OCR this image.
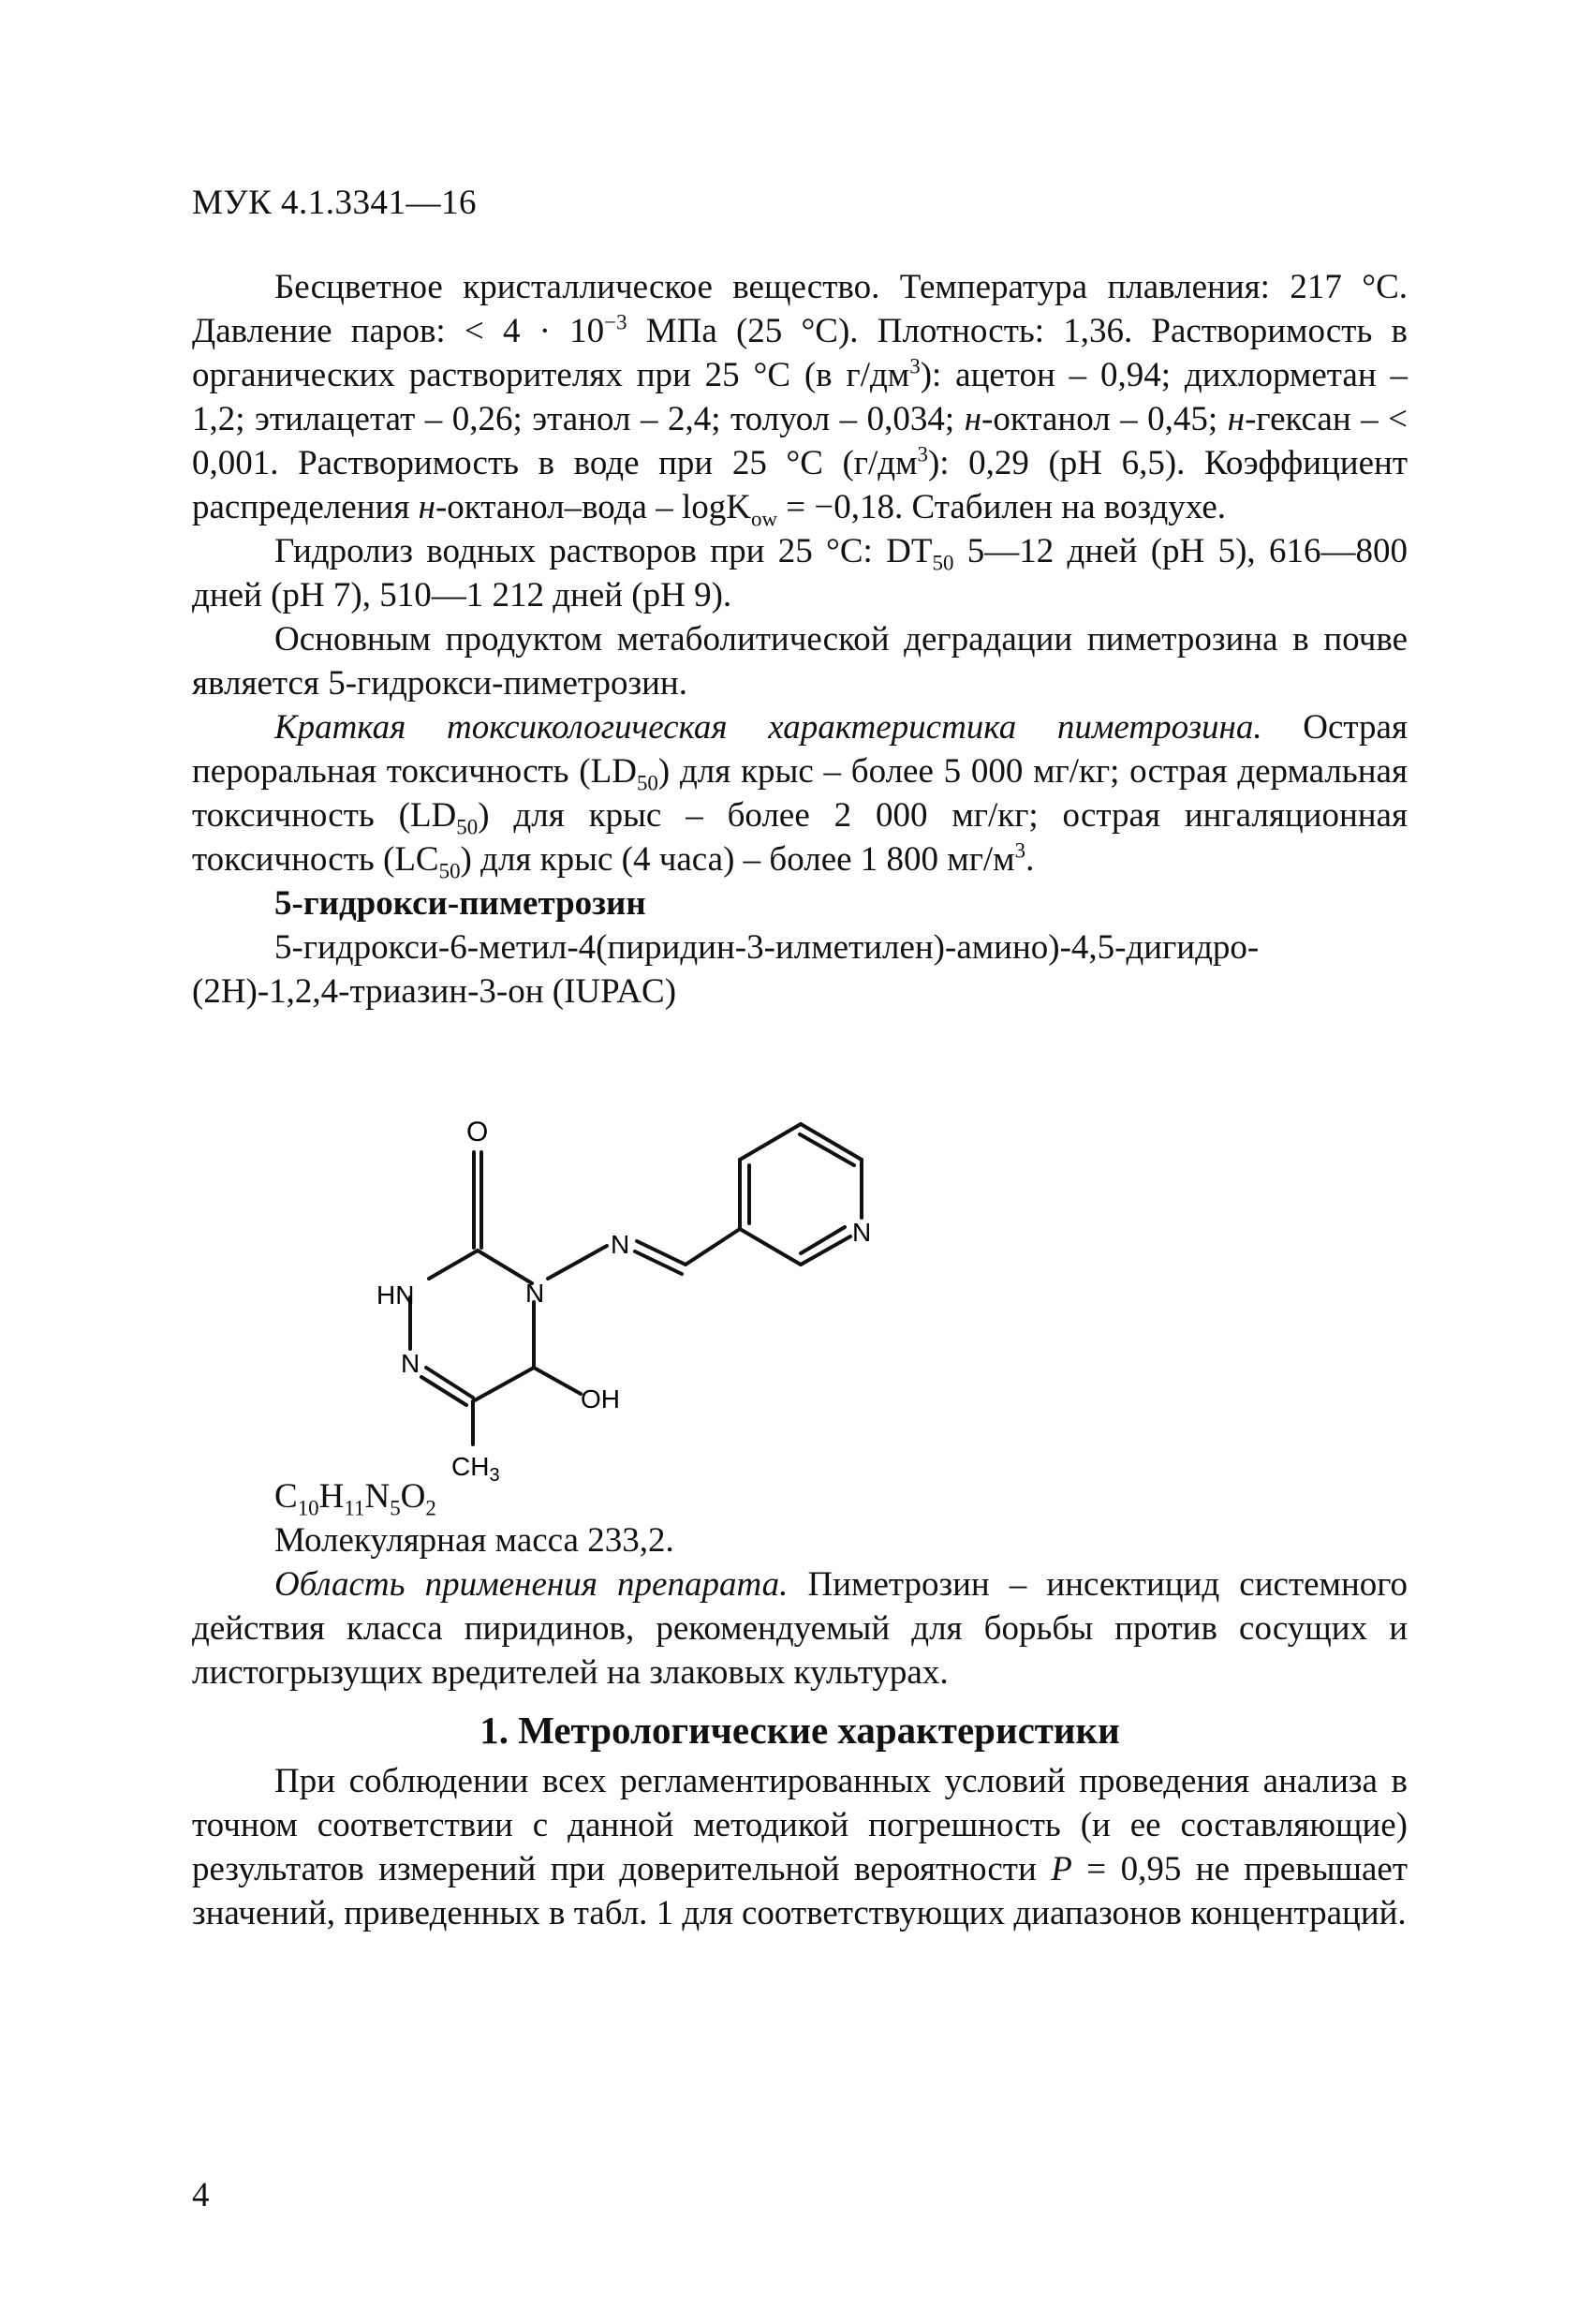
МУК 4.1.3341—16

Бесцветное кристаллическое вещество. Температура плавления: 217 °С. Давление паров: < $4 \cdot 10^{-3}$ МПа (25 °С). Плотность: 1,36. Растворимость в органических растворителях при 25 °С (в $г/дм^3$): ацетон – 0,94; дихлорметан – 1,2; этилацетат – 0,26; этанол – 2,4; толуол – 0,034; н-октанол – 0,45; н-гексан – < 0,001. Растворимость в воде при 25 °С $(г/дм^3)$: 0,29 (рН 6,5). Коэффициент распределения н-октанол–вода – logK$_{ow}$ = −0,18. Стабилен на воздухе.

Гидролиз водных растворов при 25 °С: $DT_{50}$ 5—12 дней (рН 5), 616—800 дней (рН 7), 510—1 212 дней (рН 9).

Основным продуктом метаболитической деградации пиметрозина в почве является 5-гидрокси-пиметрозин.

Краткая токсикологическая характеристика пиметрозина. Острая пероральная токсичность $(LD_{50})$ для крыс – более 5 000 мг/кг; острая дермальная токсичность $(LD_{50})$ для крыс – более 2 000 мг/кг; острая ингаляционная токсичность $(LC_{50})$ для крыс (4 часа) – более 1 800 $мг/м^3$.

5-гидрокси-пиметрозин

5-гидрокси-6-метил-4(пиридин-3-илметилен)-амино)-4,5-дигидро-(2Н)-1,2,4-триазин-3-он (IUPAC)

O
HN
N
N
N	N
OH
$CH_3$

$C_{10}H_{11}N_5O_2$

Молекулярная масса 233,2.

Область применения препарата. Пиметрозин – инсектицид системного действия класса пиридинов, рекомендуемый для борьбы против сосущих и листогрызущих вредителей на злаковых культурах.

1. Метрологические характеристики

При соблюдении всех регламентированных условий проведения анализа в точном соответствии с данной методикой погрешность (и ее составляющие) результатов измерений при доверительной вероятности P = 0,95 не превышает значений, приведенных в табл. 1 для соответствующих диапазонов концентраций.

4
